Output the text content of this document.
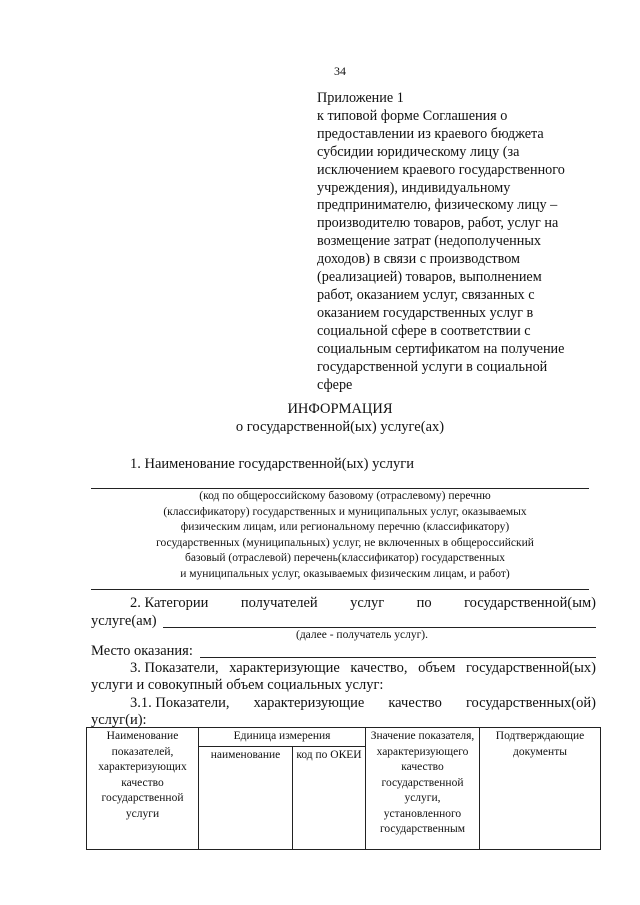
34
Приложение 1
к типовой форме Соглашения о
предоставлении из краевого бюджета
субсидии юридическому лицу (за
исключением краевого государственного
учреждения), индивидуальному
предпринимателю, физическому лицу –
производителю товаров, работ, услуг на
возмещение затрат (недополученных
доходов) в связи с производством
(реализацией) товаров, выполнением
работ, оказанием услуг, связанных с
оказанием государственных услуг в
социальной сфере в соответствии с
социальным сертификатом на получение
государственной услуги в социальной
сфере
ИНФОРМАЦИЯ
о государственной(ых) услуге(ах)
1. Наименование государственной(ых) услуги
(код по общероссийскому базовому (отраслевому) перечню
(классификатору) государственных и муниципальных услуг, оказываемых
физическим лицам, или региональному перечню (классификатору)
государственных (муниципальных) услуг, не включенных в общероссийский
базовый (отраслевой) перечень(классификатор) государственных
и муниципальных услуг, оказываемых физическим лицам, и работ)
2. Категории получателей услуг по государственной(ым)
услуге(ам)
(далее - получатель услуг).
Место оказания:
3. Показатели, характеризующие качество, объем государственной(ых)
услуги и совокупный объем социальных услуг:
3.1. Показатели, характеризующие качество государственных(ой)
услуг(и):
Наименование показателей, характеризующих качество государственной услуги	Единица измерения		Значение показателя, характеризующего качество государственной услуги, установленного государственным	Подтверждающие документы

	наименование	код по ОКЕИ		
